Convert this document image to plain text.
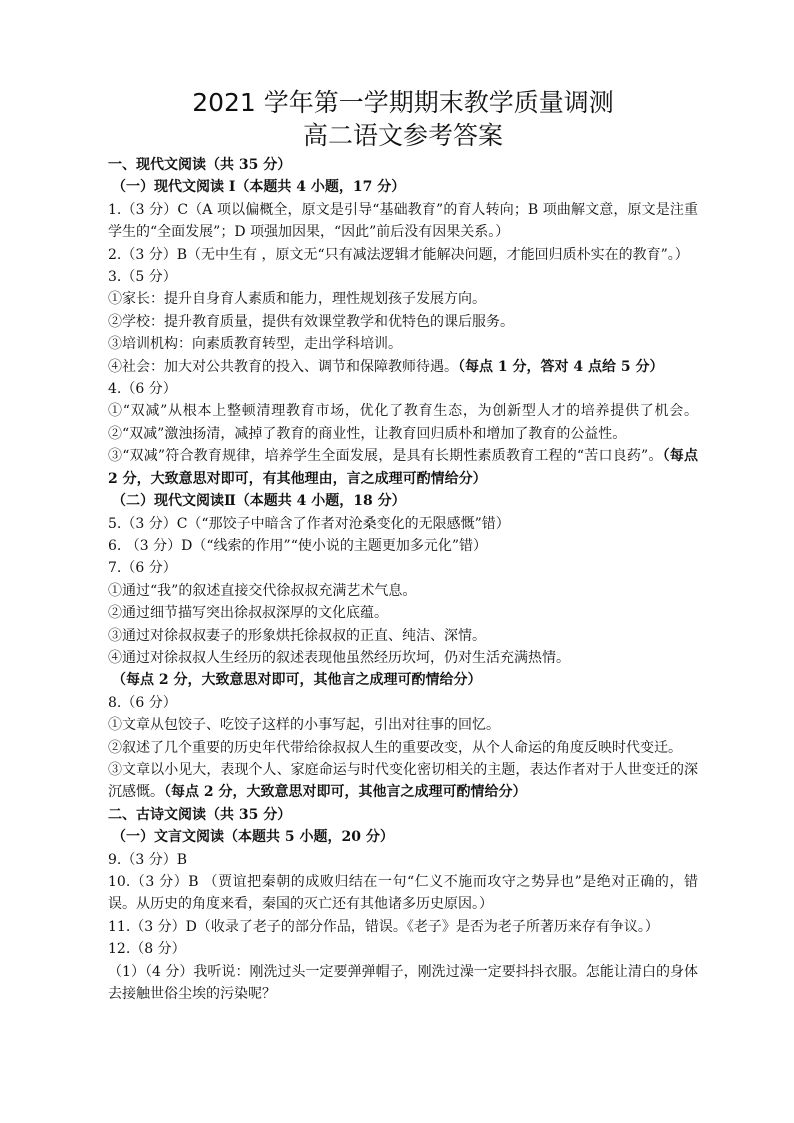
2021 学年第一学期期末教学质量调测
高二语文参考答案
一、现代文阅读（共 35 分）
（一）现代文阅读 I（本题共 4 小题，17 分）
1.（3 分）C（A 项以偏概全，原文是引导“基础教育”的育人转向；B 项曲解文意，原文是注重学生的“全面发展”；D 项强加因果，“因此”前后没有因果关系。）
2.（3 分）B（无中生有 ，原文无“只有减法逻辑才能解决问题，才能回归质朴实在的教育”。）
3.（5 分）
①家长：提升自身育人素质和能力，理性规划孩子发展方向。
②学校：提升教育质量，提供有效课堂教学和优特色的课后服务。
③培训机构：向素质教育转型，走出学科培训。
④社会：加大对公共教育的投入、调节和保障教师待遇。（每点 1 分，答对 4 点给 5 分）
4.（6 分）
①“双减”从根本上整顿清理教育市场，优化了教育生态，为创新型人才的培养提供了机会。②“双减”激浊扬清，减掉了教育的商业性，让教育回归质朴和增加了教育的公益性。
③“双减”符合教育规律，培养学生全面发展，是具有长期性素质教育工程的“苦口良药”。（每点 2 分，大致意思对即可，有其他理由，言之成理可酌情给分）
（二）现代文阅读Ⅱ（本题共 4 小题，18 分）
5.（3 分）C（“那饺子中暗含了作者对沧桑变化的无限感慨”错）
6. （3 分）D（“线索的作用”“使小说的主题更加多元化”错）
7.（6 分）
①通过“我”的叙述直接交代徐叔叔充满艺术气息。
②通过细节描写突出徐叔叔深厚的文化底蕴。
③通过对徐叔叔妻子的形象烘托徐叔叔的正直、纯洁、深情。
④通过对徐叔叔人生经历的叙述表现他虽然经历坎坷，仍对生活充满热情。
（每点 2 分，大致意思对即可，其他言之成理可酌情给分）
8.（6 分）
①文章从包饺子、吃饺子这样的小事写起，引出对往事的回忆。
②叙述了几个重要的历史年代带给徐叔叔人生的重要改变，从个人命运的角度反映时代变迁。
③文章以小见大，表现个人、家庭命运与时代变化密切相关的主题，表达作者对于人世变迁的深沉感慨。（每点 2 分，大致意思对即可，其他言之成理可酌情给分）
二、古诗文阅读（共 35 分）
（一）文言文阅读（本题共 5 小题，20 分）
9.（3 分）B
10.（3 分）B （贾谊把秦朝的成败归结在一句“仁义不施而攻守之势异也”是绝对正确的，错误。从历史的角度来看，秦国的灭亡还有其他诸多历史原因。）
11.（3 分）D（收录了老子的部分作品，错误。《老子》是否为老子所著历来存有争议。）
12.（8 分）
（1）（4 分）我听说：刚洗过头一定要弹弹帽子，刚洗过澡一定要抖抖衣服。怎能让清白的身体去接触世俗尘埃的污染呢？
